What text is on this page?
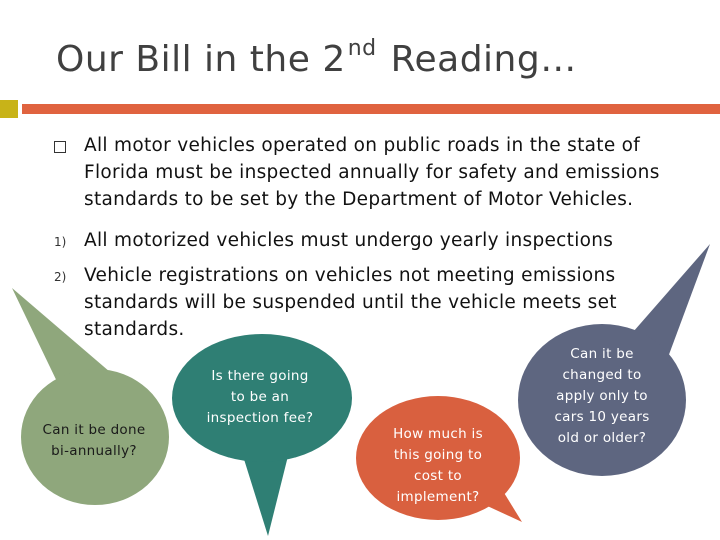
Our Bill in the 2nd Reading…
All motor vehicles operated on public roads in the state of Florida must be inspected annually for safety and emissions standards to be set by the Department of Motor Vehicles.
1) All motorized vehicles must undergo yearly inspections
2) Vehicle registrations on vehicles not meeting emissions standards will be suspended until the vehicle meets set standards.
Can it be done bi-annually?
Is there going to be an inspection fee?
How much is this going to cost to implement?
Can it be changed to apply only to cars 10 years old or older?
